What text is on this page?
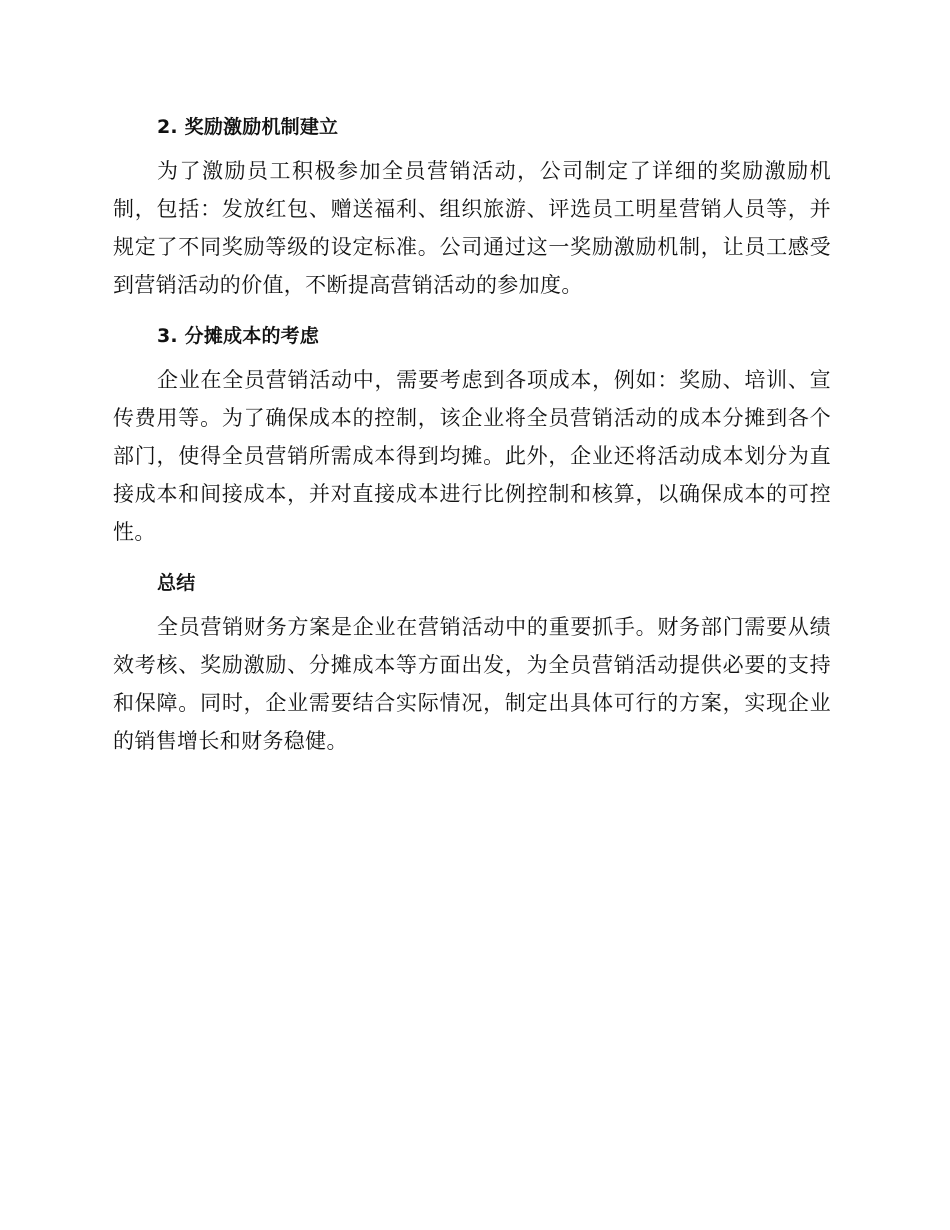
2. 奖励激励机制建立

为了激励员工积极参加全员营销活动，公司制定了详细的奖励激励机制，包括：发放红包、赠送福利、组织旅游、评选员工明星营销人员等，并规定了不同奖励等级的设定标准。公司通过这一奖励激励机制，让员工感受到营销活动的价值，不断提高营销活动的参加度。

3. 分摊成本的考虑

企业在全员营销活动中，需要考虑到各项成本，例如：奖励、培训、宣传费用等。为了确保成本的控制，该企业将全员营销活动的成本分摊到各个部门，使得全员营销所需成本得到均摊。此外，企业还将活动成本划分为直接成本和间接成本，并对直接成本进行比例控制和核算，以确保成本的可控性。

总结

全员营销财务方案是企业在营销活动中的重要抓手。财务部门需要从绩效考核、奖励激励、分摊成本等方面出发，为全员营销活动提供必要的支持和保障。同时，企业需要结合实际情况，制定出具体可行的方案，实现企业的销售增长和财务稳健。
